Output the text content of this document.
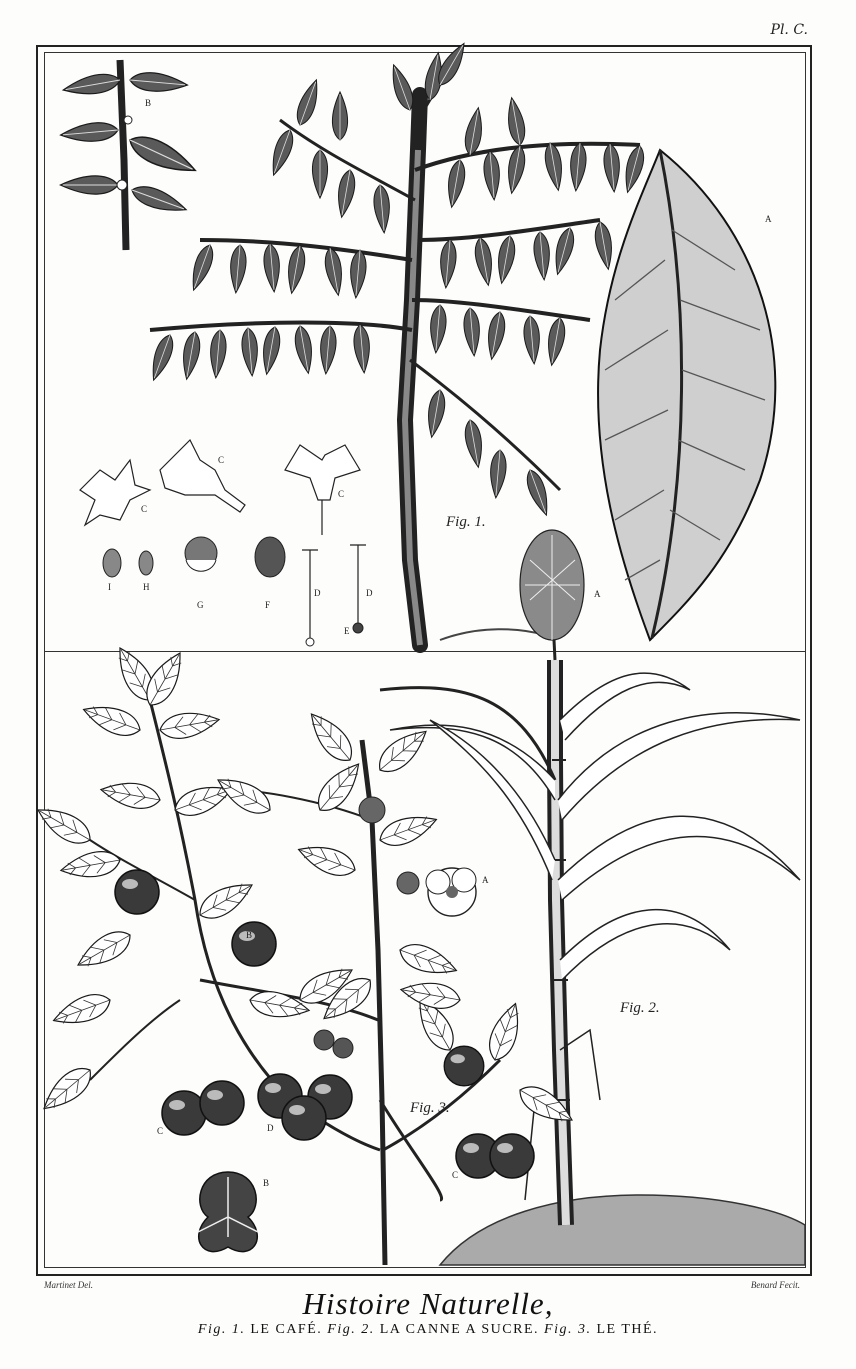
Pl. C.
B
A
C
C
C
I	H
G	F
D	D
E
Fig. 1.
A
Fig. 2.
A
B
B
C
C
D
Fig. 3.
Martinet Del.	Benard Fecit.
Histoire Naturelle,
Fig. 1. LE CAFÉ. Fig. 2. LA CANNE A SUCRE. Fig. 3. LE THÉ.
